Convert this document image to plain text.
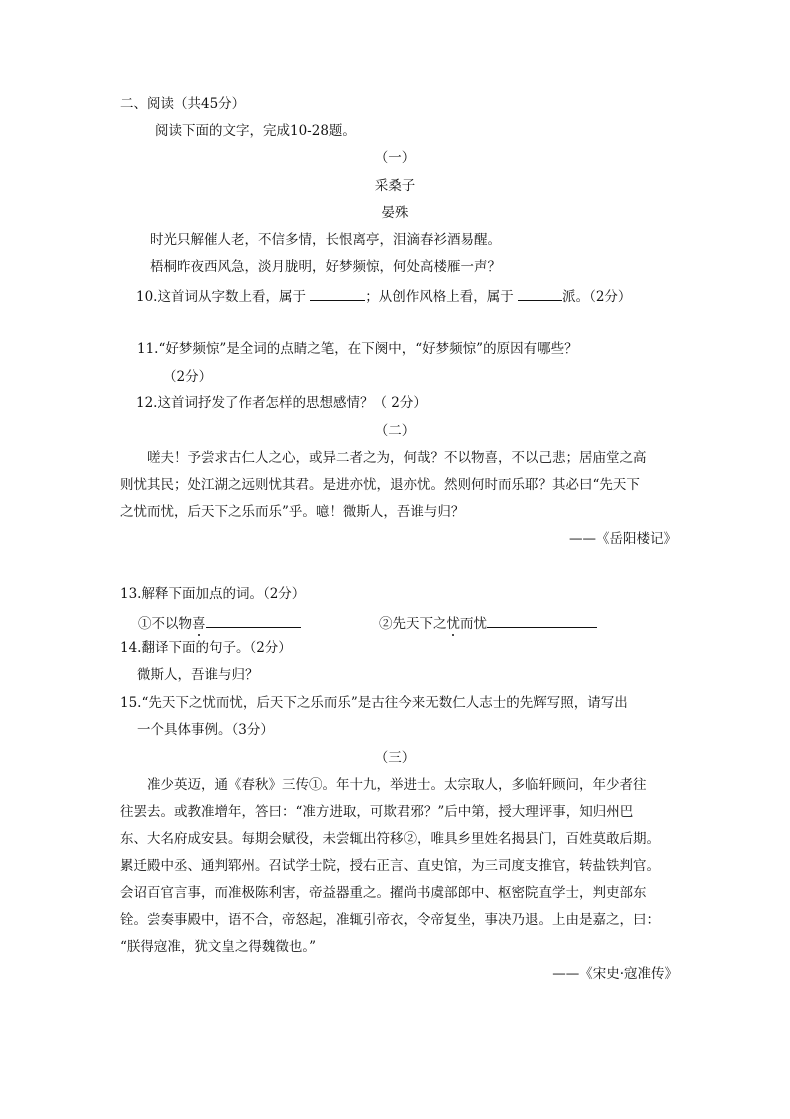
二、阅读（共45分）
阅读下面的文字，完成10-28题。
（一）
采桑子
晏殊
时光只解催人老，不信多情，长恨离亭，泪滴春衫酒易醒。
梧桐昨夜西风急，淡月胧明，好梦频惊，何处高楼雁一声？
10.这首词从字数上看，属于	；从创作风格上看，属于	派。（2分）
11.“好梦频惊”是全词的点睛之笔，在下阕中，“好梦频惊”的原因有哪些？
（2分）
12.这首词抒发了作者怎样的思想感情？（ 2分）
（二）
嗟夫！予尝求古仁人之心，或异二者之为，何哉？不以物喜，不以己悲；居庙堂之高
则忧其民；处江湖之远则忧其君。是进亦忧，退亦忧。然则何时而乐耶？其必曰“先天下
之忧而忧，后天下之乐而乐”乎。噫！微斯人，吾谁与归？
——《岳阳楼记》
13.解释下面加点的词。（2分）
①不以物喜	②先天下之忧而忧
14.翻译下面的句子。（2分）
微斯人，吾谁与归？
15.“先天下之忧而忧，后天下之乐而乐”是古往今来无数仁人志士的先辉写照，请写出
一个具体事例。（3分）
（三）
准少英迈，通《春秋》三传①。年十九，举进士。太宗取人，多临轩顾问，年少者往
往罢去。或教准增年，答曰：“准方进取，可欺君邪？”后中第，授大理评事，知归州巴
东、大名府成安县。每期会赋役，未尝辄出符移②，唯具乡里姓名揭县门，百姓莫敢后期。
累迁殿中丞、通判郓州。召试学士院，授右正言、直史馆，为三司度支推官，转盐铁判官。
会诏百官言事，而准极陈利害，帝益器重之。擢尚书虞部郎中、枢密院直学士，判吏部东
铨。尝奏事殿中，语不合，帝怒起，准辄引帝衣，令帝复坐，事决乃退。上由是嘉之，曰：
“朕得寇准，犹文皇之得魏徵也。”
——《宋史·寇准传》
